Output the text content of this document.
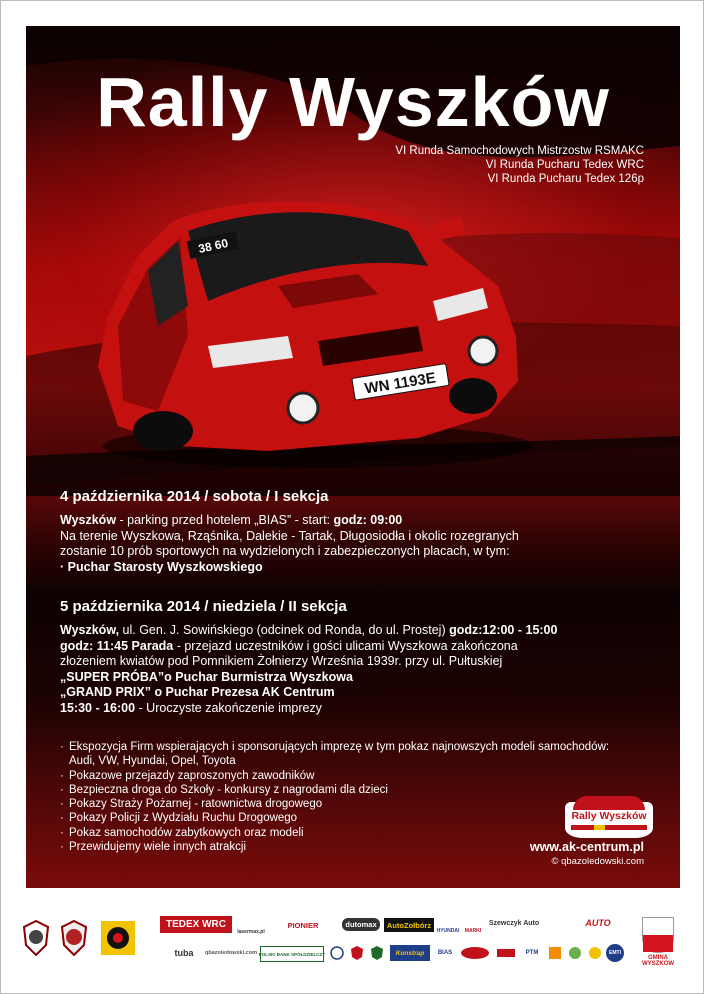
Rally Wyszków
VI Runda Samochodowych Mistrzostw RSMAKC
VI Runda Pucharu Tedex WRC
VI Runda Pucharu Tedex 126p
WN 1193E
38 60
4 października 2014 / sobota / I sekcja
Wyszków - parking przed hotelem „BIAS” - start: godz: 09:00
Na terenie Wyszkowa, Rząśnika, Dalekie - Tartak, Długosiodła i okolic rozegranych
zostanie 10 prób sportowych na wydzielonych i zabezpieczonych placach, w tym:
· Puchar Starosty Wyszkowskiego
5 października 2014 / niedziela / II sekcja
Wyszków, ul. Gen. J. Sowińskiego (odcinek od Ronda, do ul. Prostej) godz:12:00 - 15:00
godz: 11:45 Parada - przejazd uczestników i gości ulicami Wyszkowa zakończona
złożeniem kwiatów pod Pomnikiem Żołnierzy Września 1939r. przy ul. Pułtuskiej
„SUPER PRÓBA”o Puchar Burmistrza Wyszkowa
„GRAND PRIX” o Puchar Prezesa AK Centrum
15:30 - 16:00 - Uroczyste zakończenie imprezy
· Ekspozycja Firm wspierających i sponsorujących imprezę w tym pokaz najnowszych modeli samochodów:
Audi, VW, Hyundai, Opel, Toyota
· Pokazowe przejazdy zaproszonych zawodników
· Bezpieczna droga do Szkoły - konkursy z nagrodami dla dzieci
· Pokazy Straży Pożarnej - ratownictwa drogowego
· Pokazy Policji z Wydziału Ruchu Drogowego
· Pokaz samochodów zabytkowych oraz modeli
· Przewidujemy wiele innych atrakcji
Rally Wyszków
www.ak-centrum.pl
© qbazoledowski.com
TEDEX WRC
lasermax.pl
PIONIER	dutomax	AutoZołbórz
HYUNDAI	MARKI
Szewczyk Auto	AUTO
tuba	qbazoledowski.com POLSKI BANK SPÓŁDZIELCZY	Konstrap	BIAS	PTM	EMTI
GMINA WYSZKÓW
